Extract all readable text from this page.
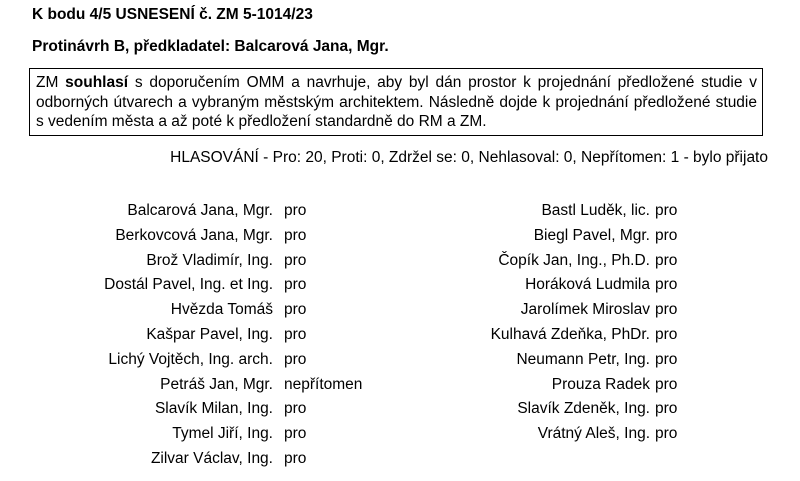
K bodu 4/5 USNESENÍ č. ZM 5-1014/23
Protinávrh B, předkladatel: Balcarová Jana, Mgr.
ZM souhlasí s doporučením OMM a navrhuje, aby byl dán prostor k projednání předložené studie v odborných útvarech a vybraným městským architektem. Následně dojde k projednání předložené studie s vedením města a až poté k předložení standardně do RM a ZM.
HLASOVÁNÍ - Pro: 20, Proti: 0, Zdržel se: 0, Nehlasoval: 0, Nepřítomen: 1 - bylo přijato
Balcarová Jana, Mgr. pro
Berkovcová Jana, Mgr. pro
Brož Vladimír, Ing. pro
Dostál Pavel, Ing. et Ing. pro
Hvězda Tomáš pro
Kašpar Pavel, Ing. pro
Lichý Vojtěch, Ing. arch. pro
Petráš Jan, Mgr. nepřítomen
Slavík Milan, Ing. pro
Tymel Jiří, Ing. pro
Zilvar Václav, Ing. pro
Bastl Luděk, lic. pro
Biegl Pavel, Mgr. pro
Čopík Jan, Ing., Ph.D. pro
Horáková Ludmila pro
Jarolímek Miroslav pro
Kulhavá Zdeňka, PhDr. pro
Neumann Petr, Ing. pro
Prouza Radek pro
Slavík Zdeněk, Ing. pro
Vrátný Aleš, Ing. pro
